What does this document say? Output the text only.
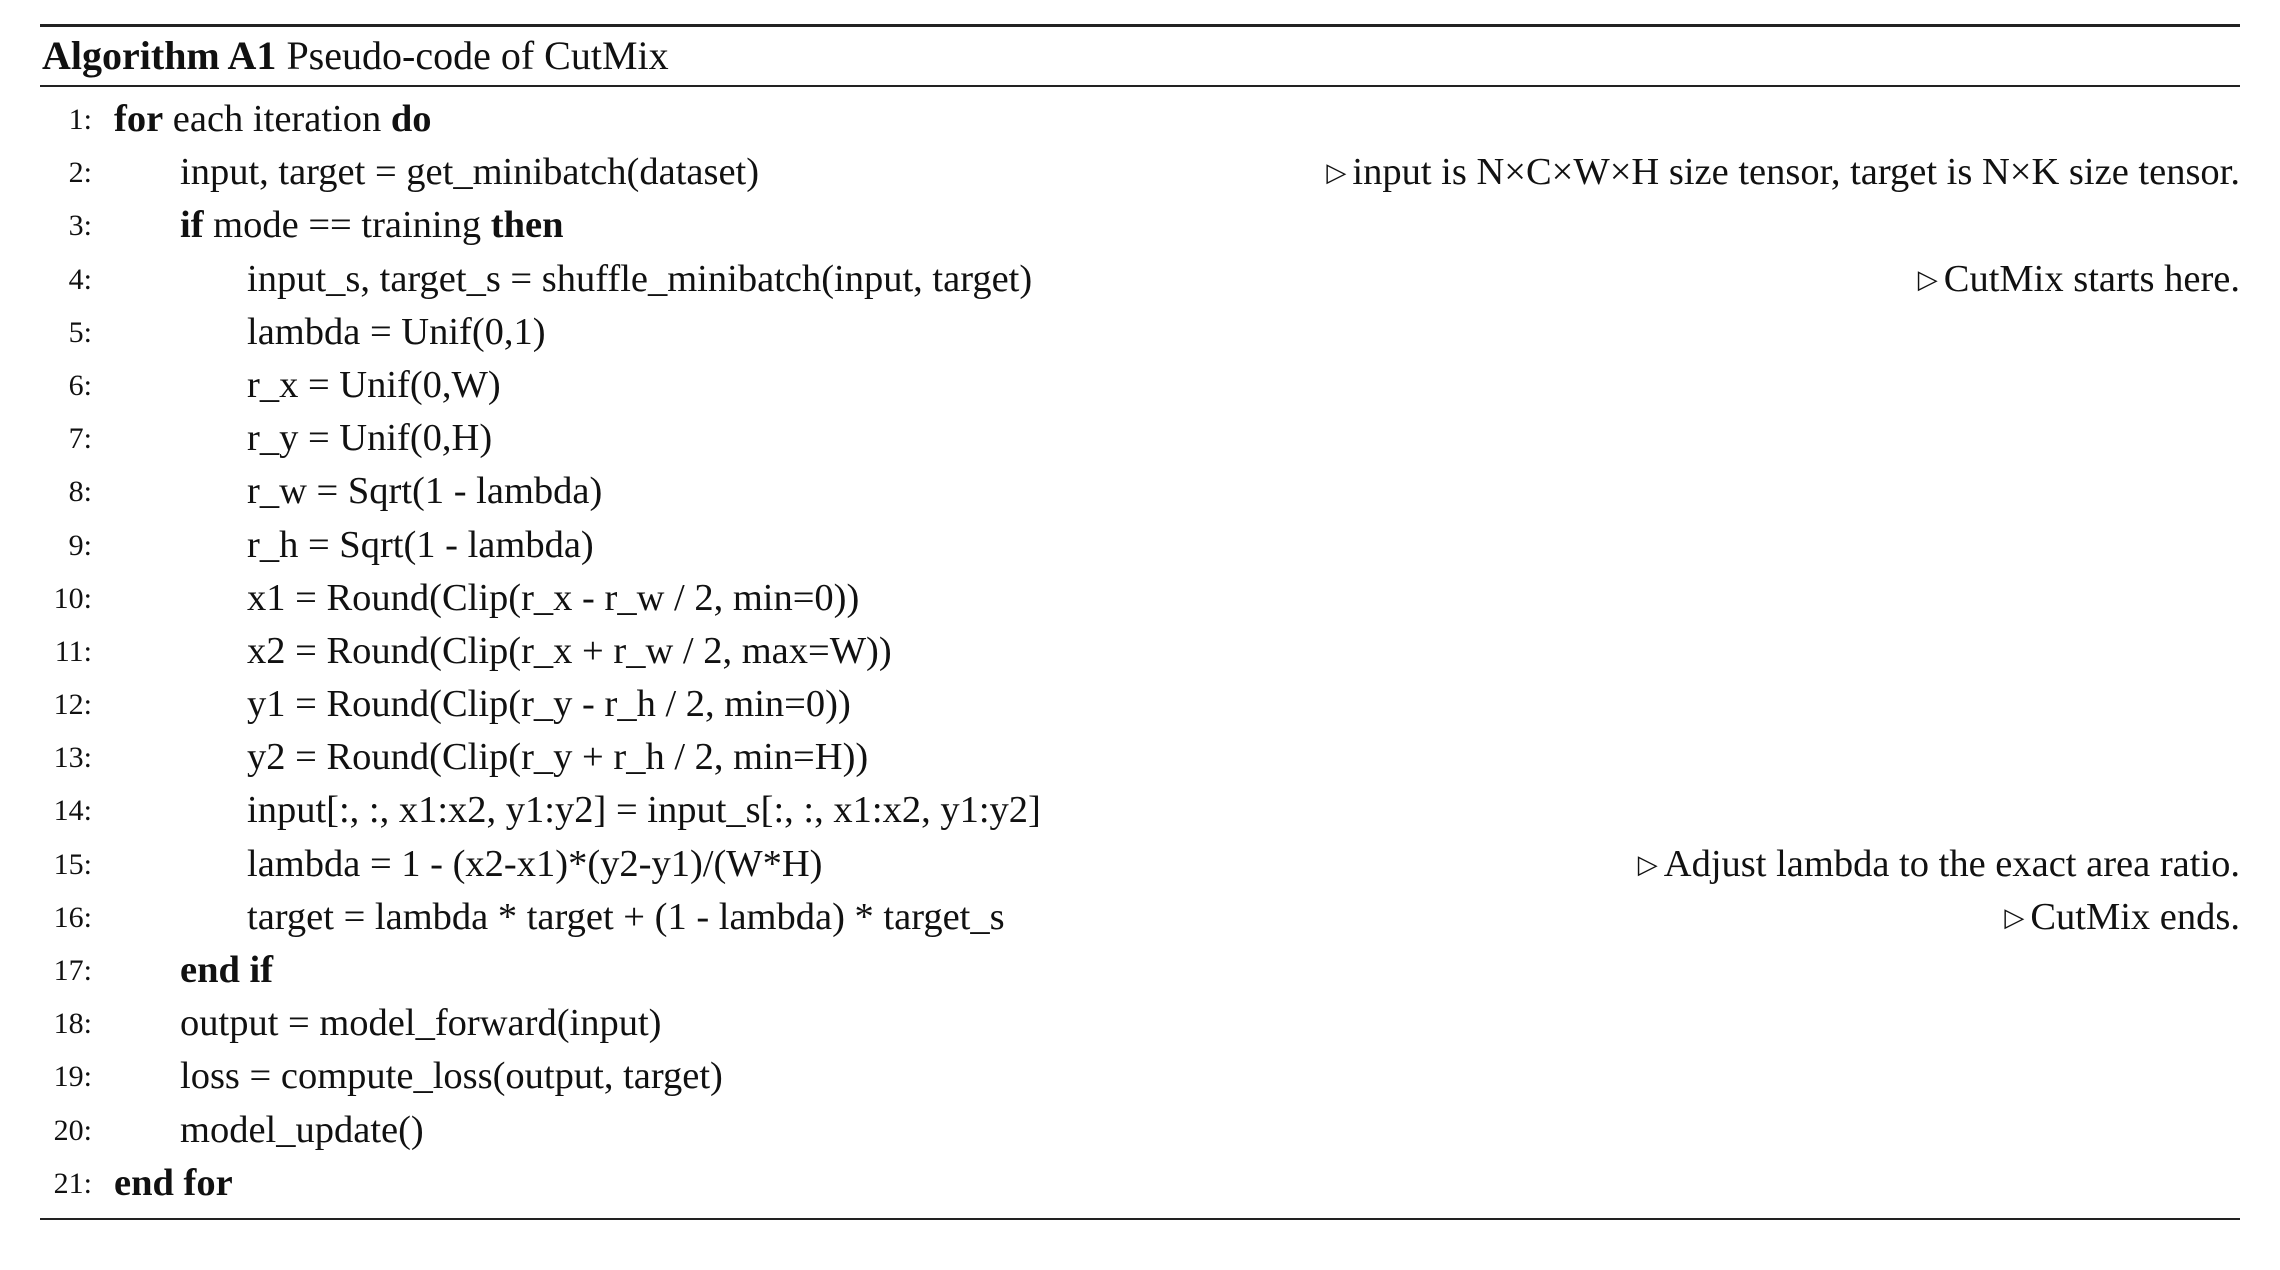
Algorithm A1 Pseudo-code of CutMix
1: for each iteration do
2: input, target = get_minibatch(dataset)	▷ input is N×C×W×H size tensor, target is N×K size tensor.
3: if mode == training then
4:	input_s, target_s = shuffle_minibatch(input, target)	▷ CutMix starts here.
5:	lambda = Unif(0,1)
6:	r_x = Unif(0,W)
7:	r_y = Unif(0,H)
8:	r_w = Sqrt(1 - lambda)
9:	r_h = Sqrt(1 - lambda)
10:	x1 = Round(Clip(r_x - r_w / 2, min=0))
11:	x2 = Round(Clip(r_x + r_w / 2, max=W))
12:	y1 = Round(Clip(r_y - r_h / 2, min=0))
13:	y2 = Round(Clip(r_y + r_h / 2, min=H))
14:	input[:, :, x1:x2, y1:y2] = input_s[:, :, x1:x2, y1:y2]
15:	lambda = 1 - (x2-x1)*(y2-y1)/(W*H)	▷ Adjust lambda to the exact area ratio.
16:	target = lambda * target + (1 - lambda) * target_s	▷ CutMix ends.
17: end if
18: output = model_forward(input)
19: loss = compute_loss(output, target)
20: model_update()
21: end for
